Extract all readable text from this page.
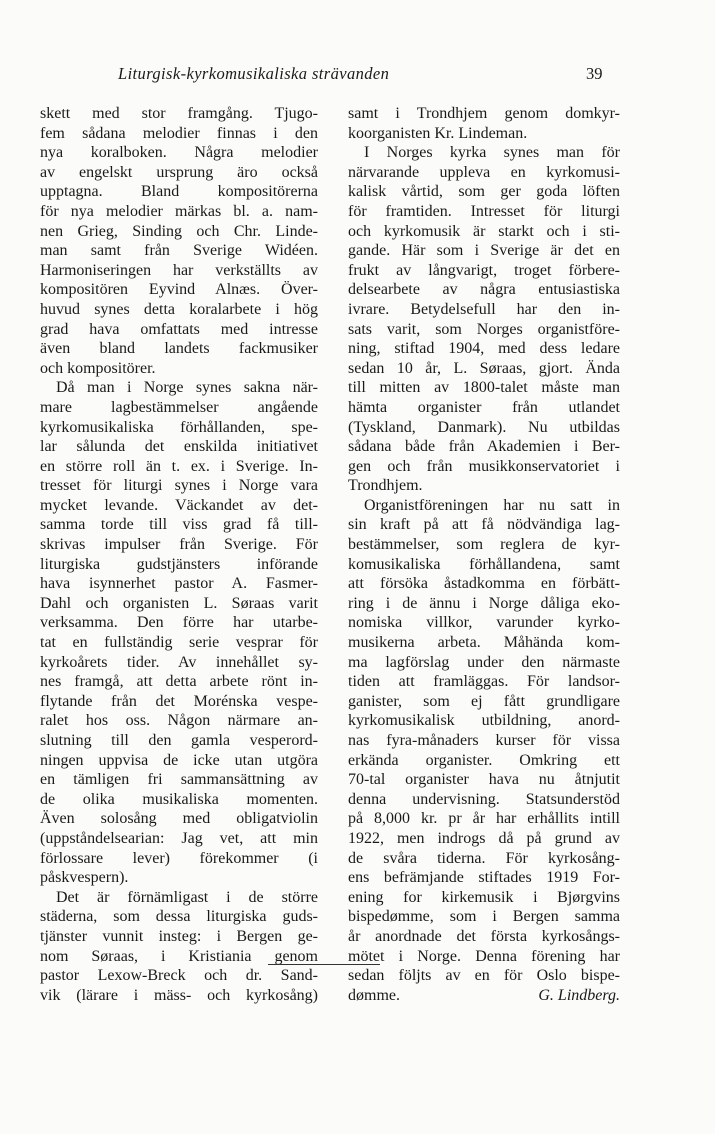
Liturgisk-kyrkomusikaliska strävanden	39
skett med stor framgång. Tjugo-
fem sådana melodier finnas i den
nya koralboken. Några melodier
av engelskt ursprung äro också
upptagna. Bland kompositörerna
för nya melodier märkas bl. a. nam-
nen Grieg, Sinding och Chr. Linde-
man samt från Sverige Widéen.
Harmoniseringen har verkställts av
kompositören Eyvind Alnæs. Över-
huvud synes detta koralarbete i hög
grad hava omfattats med intresse
även bland landets fackmusiker
och kompositörer.
Då man i Norge synes sakna när-
mare lagbestämmelser angående
kyrkomusikaliska förhållanden, spe-
lar sålunda det enskilda initiativet
en större roll än t. ex. i Sverige. In-
tresset för liturgi synes i Norge vara
mycket levande. Väckandet av det-
samma torde till viss grad få till-
skrivas impulser från Sverige. För
liturgiska gudstjänsters införande
hava isynnerhet pastor A. Fasmer-
Dahl och organisten L. Søraas varit
verksamma. Den förre har utarbe-
tat en fullständig serie vesprar för
kyrkoårets tider. Av innehållet sy-
nes framgå, att detta arbete rönt in-
flytande från det Morénska vespe-
ralet hos oss. Någon närmare an-
slutning till den gamla vesperord-
ningen uppvisa de icke utan utgöra
en tämligen fri sammansättning av
de olika musikaliska momenten.
Även solosång med obligatviolin
(uppståndelsearian: Jag vet, att min
förlossare lever) förekommer (i
påskvespern).
Det är förnämligast i de större
städerna, som dessa liturgiska guds-
tjänster vunnit insteg: i Bergen ge-
nom Søraas, i Kristiania genom
pastor Lexow-Breck och dr. Sand-
vik (lärare i mäss- och kyrkosång)
samt i Trondhjem genom domkyr-
koorganisten Kr. Lindeman.
I Norges kyrka synes man för
närvarande uppleva en kyrkomusi-
kalisk vårtid, som ger goda löften
för framtiden. Intresset för liturgi
och kyrkomusik är starkt och i sti-
gande. Här som i Sverige är det en
frukt av långvarigt, troget förbere-
delsearbete av några entusiastiska
ivrare. Betydelsefull har den in-
sats varit, som Norges organistföre-
ning, stiftad 1904, med dess ledare
sedan 10 år, L. Søraas, gjort. Ända
till mitten av 1800-talet måste man
hämta organister från utlandet
(Tyskland, Danmark). Nu utbildas
sådana både från Akademien i Ber-
gen och från musikkonservatoriet i
Trondhjem.
Organistföreningen har nu satt in
sin kraft på att få nödvändiga lag-
bestämmelser, som reglera de kyr-
komusikaliska förhållandena, samt
att försöka åstadkomma en förbätt-
ring i de ännu i Norge dåliga eko-
nomiska villkor, varunder kyrko-
musikerna arbeta. Måhända kom-
ma lagförslag under den närmaste
tiden att framläggas. För landsor-
ganister, som ej fått grundligare
kyrkomusikalisk utbildning, anord-
nas fyra-månaders kurser för vissa
erkända organister. Omkring ett
70-tal organister hava nu åtnjutit
denna undervisning. Statsunderstöd
på 8,000 kr. pr år har erhållits intill
1922, men indrogs då på grund av
de svåra tiderna. För kyrkosång-
ens befrämjande stiftades 1919 For-
ening for kirkemusik i Bjørgvins
bispedømme, som i Bergen samma
år anordnade det första kyrkosångs-
mötet i Norge. Denna förening har
sedan följts av en för Oslo bispe-
dømme.	G. Lindberg.
